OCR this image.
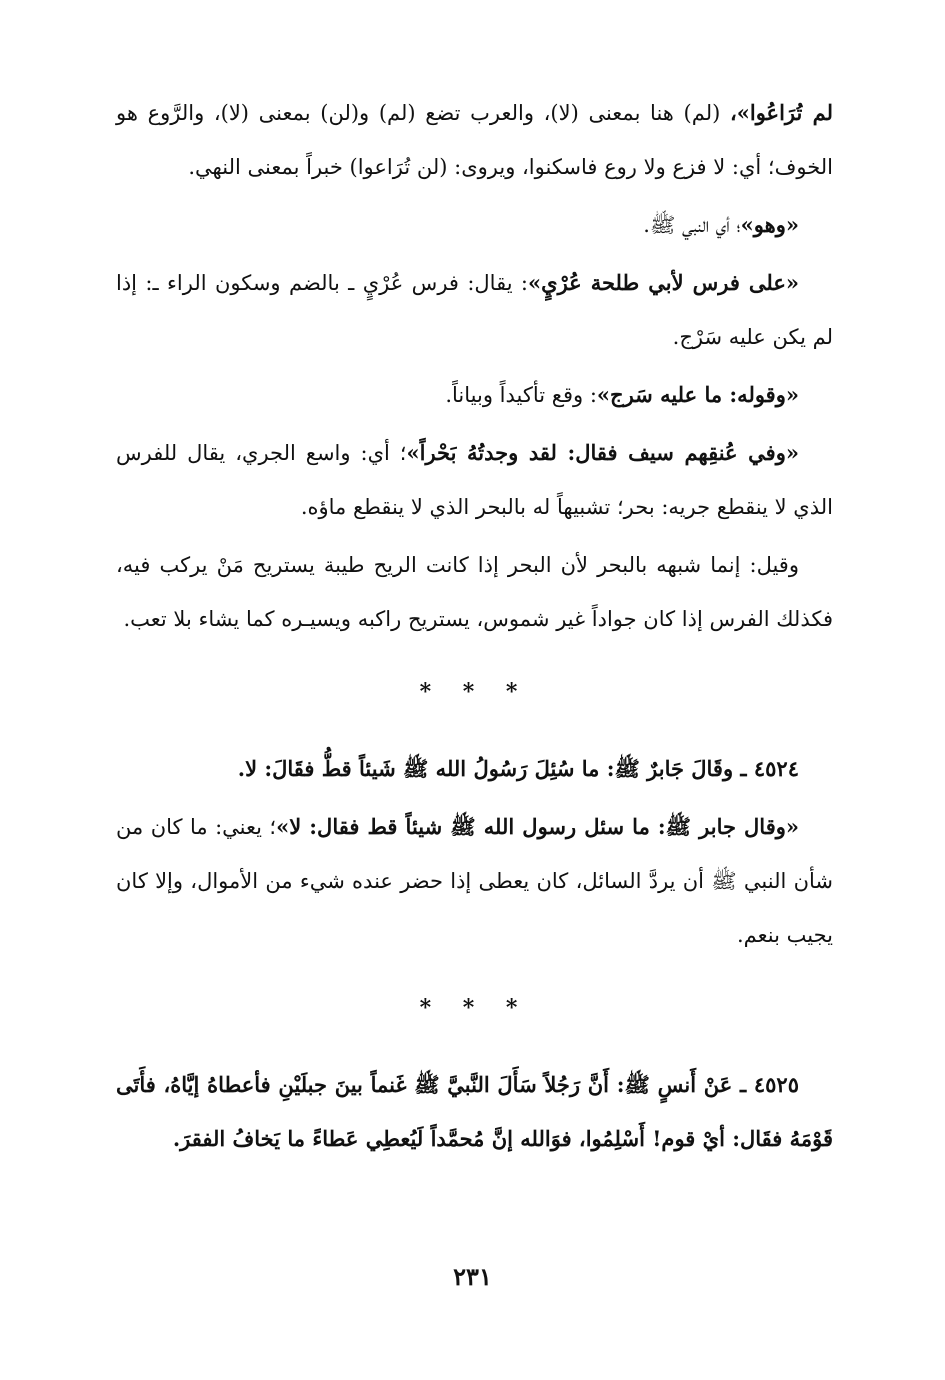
لم تُرَاعُوا»، (لم) هنا بمعنى (لا)، والعرب تضع (لم) و(لن) بمعنى (لا)، والرَّوع هو الخوف؛ أي: لا فزع ولا روع فاسكنوا، ويروى: (لن تُرَاعوا) خبراً بمعنى النهي.

«وهو»؛ أي النبي ﷺ.

«على فرس لأبي طلحة عُرْيٍ»: يقال: فرس عُرْيٍ ـ بالضم وسكون الراء ـ: إذا لم يكن عليه سَرْج.

«وقوله: ما عليه سَرج»: وقع تأكيداً وبياناً.

«وفي عُنقِهم سيف فقال: لقد وجدتُهُ بَحْراً»؛ أي: واسع الجري، يقال للفرس الذي لا ينقطع جريه: بحر؛ تشبيهاً له بالبحر الذي لا ينقطع ماؤه.

وقيل: إنما شبهه بالبحر لأن البحر إذا كانت الريح طيبة يستريح مَنْ يركب فيه، فكذلك الفرس إذا كان جواداً غير شموس، يستريح راكبه ويسيـره كما يشاء بلا تعب.

* * *

٤٥٢٤ ـ وقَالَ جَابرٌ ﷺ: ما سُئِلَ رَسُولُ الله ﷺ شَيئاً قطُّ فقَالَ: لا.

«وقال جابر ﷺ: ما سئل رسول الله ﷺ شيئاً قط فقال: لا»؛ يعني: ما كان من شأن النبي ﷺ أن يردَّ السائل، كان يعطى إذا حضر عنده شيء من الأموال، وإلا كان يجيب بنعم.

* * *

٤٥٢٥ ـ عَنْ أَنسٍ ﷺ: أَنَّ رَجُلاً سَأَلَ النَّبيَّ ﷺ غَنماً بينَ جبلَيْنِ فأعطاهُ إيَّاهُ، فأَتَى قَوْمَهُ فقَال: أيْ قوم! أَسْلِمُوا، فوَالله إنَّ مُحمَّداً لَيُعطِي عَطاءً ما يَخافُ الفقرَ.

٢٣١
